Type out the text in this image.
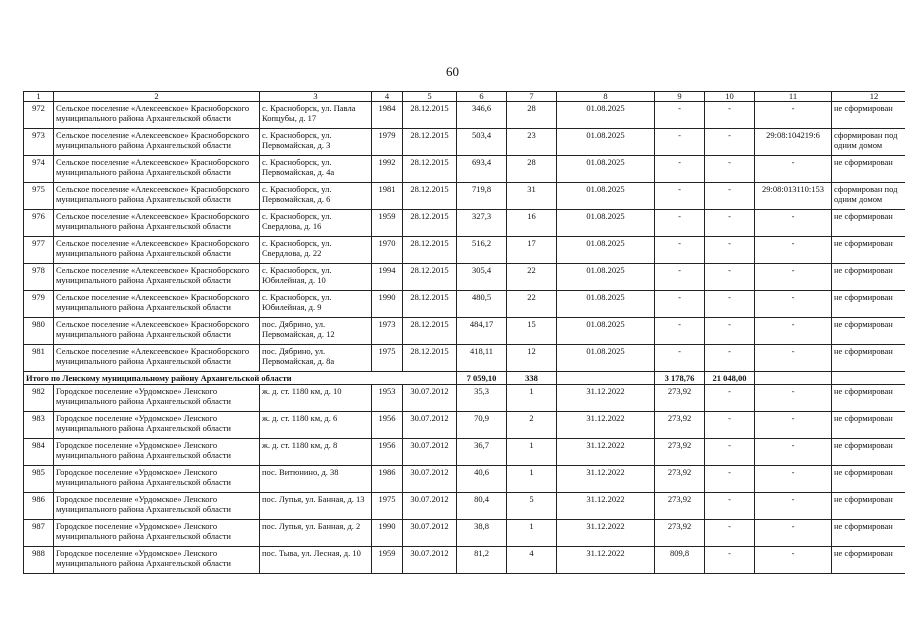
60
1	2	3	4	5	6	7	8	9	10	11	12
972	Сельское поселение «Алексеевское» Красноборского муниципального района Архангельской области	с. Красноборск, ул. Павла Копцубы, д. 17	1984	28.12.2015	346,6	28	01.08.2025	-	-	-	не сформирован
973	Сельское поселение «Алексеевское» Красноборского муниципального района Архангельской области	с. Красноборск, ул. Первомайская, д. 3	1979	28.12.2015	503,4	23	01.08.2025	-	-	29:08:104219:6	сформирован под одним домом
974	Сельское поселение «Алексеевское» Красноборского муниципального района Архангельской области	с. Красноборск, ул. Первомайская, д. 4а	1992	28.12.2015	693,4	28	01.08.2025	-	-	-	не сформирован
975	Сельское поселение «Алексеевское» Красноборского муниципального района Архангельской области	с. Красноборск, ул. Первомайская, д. 6	1981	28.12.2015	719,8	31	01.08.2025	-	-	29:08:013110:153	сформирован под одним домом
976	Сельское поселение «Алексеевское» Красноборского муниципального района Архангельской области	с. Красноборск, ул. Свердлова, д. 16	1959	28.12.2015	327,3	16	01.08.2025	-	-	-	не сформирован
977	Сельское поселение «Алексеевское» Красноборского муниципального района Архангельской области	с. Красноборск, ул. Свердлова, д. 22	1970	28.12.2015	516,2	17	01.08.2025	-	-	-	не сформирован
978	Сельское поселение «Алексеевское» Красноборского муниципального района Архангельской области	с. Красноборск, ул. Юбилейная, д. 10	1994	28.12.2015	305,4	22	01.08.2025	-	-	-	не сформирован
979	Сельское поселение «Алексеевское» Красноборского муниципального района Архангельской области	с. Красноборск, ул. Юбилейная, д. 9	1990	28.12.2015	480,5	22	01.08.2025	-	-	-	не сформирован
980	Сельское поселение «Алексеевское» Красноборского муниципального района Архангельской области	пос. Дябрино, ул. Первомайская, д. 12	1973	28.12.2015	484,17	15	01.08.2025	-	-	-	не сформирован
981	Сельское поселение «Алексеевское» Красноборского муниципального района Архангельской области	пос. Дябрино, ул. Первомайская, д. 8а	1975	28.12.2015	418,11	12	01.08.2025	-	-	-	не сформирован
Итого по Ленскому муниципальному району Архангельской области					7 059,10	338		3 178,76	21 048,00		
982	Городское поселение «Урдомское» Ленского муниципального района Архангельской области	ж. д. ст. 1180 км, д. 10	1953	30.07.2012	35,3	1	31.12.2022	273,92	-	-	не сформирован
983	Городское поселение «Урдомское» Ленского муниципального района Архангельской области	ж. д. ст. 1180 км, д. 6	1956	30.07.2012	70,9	2	31.12.2022	273,92	-	-	не сформирован
984	Городское поселение «Урдомское» Ленского муниципального района Архангельской области	ж. д. ст. 1180 км, д. 8	1956	30.07.2012	36,7	1	31.12.2022	273,92	-	-	не сформирован
985	Городское поселение «Урдомское» Ленского муниципального района Архангельской области	пос. Витюнино, д. 38	1986	30.07.2012	40,6	1	31.12.2022	273,92	-	-	не сформирован
986	Городское поселение «Урдомское» Ленского муниципального района Архангельской области	пос. Лупья, ул. Банная, д. 13	1975	30.07.2012	80,4	5	31.12.2022	273,92	-	-	не сформирован
987	Городское поселение «Урдомское» Ленского муниципального района Архангельской области	пос. Лупья, ул. Банная, д. 2	1990	30.07.2012	38,8	1	31.12.2022	273,92	-	-	не сформирован
988	Городское поселение «Урдомское» Ленского муниципального района Архангельской области	пос. Тыва, ул. Лесная, д. 10	1959	30.07.2012	81,2	4	31.12.2022	809,8	-	-	не сформирован
